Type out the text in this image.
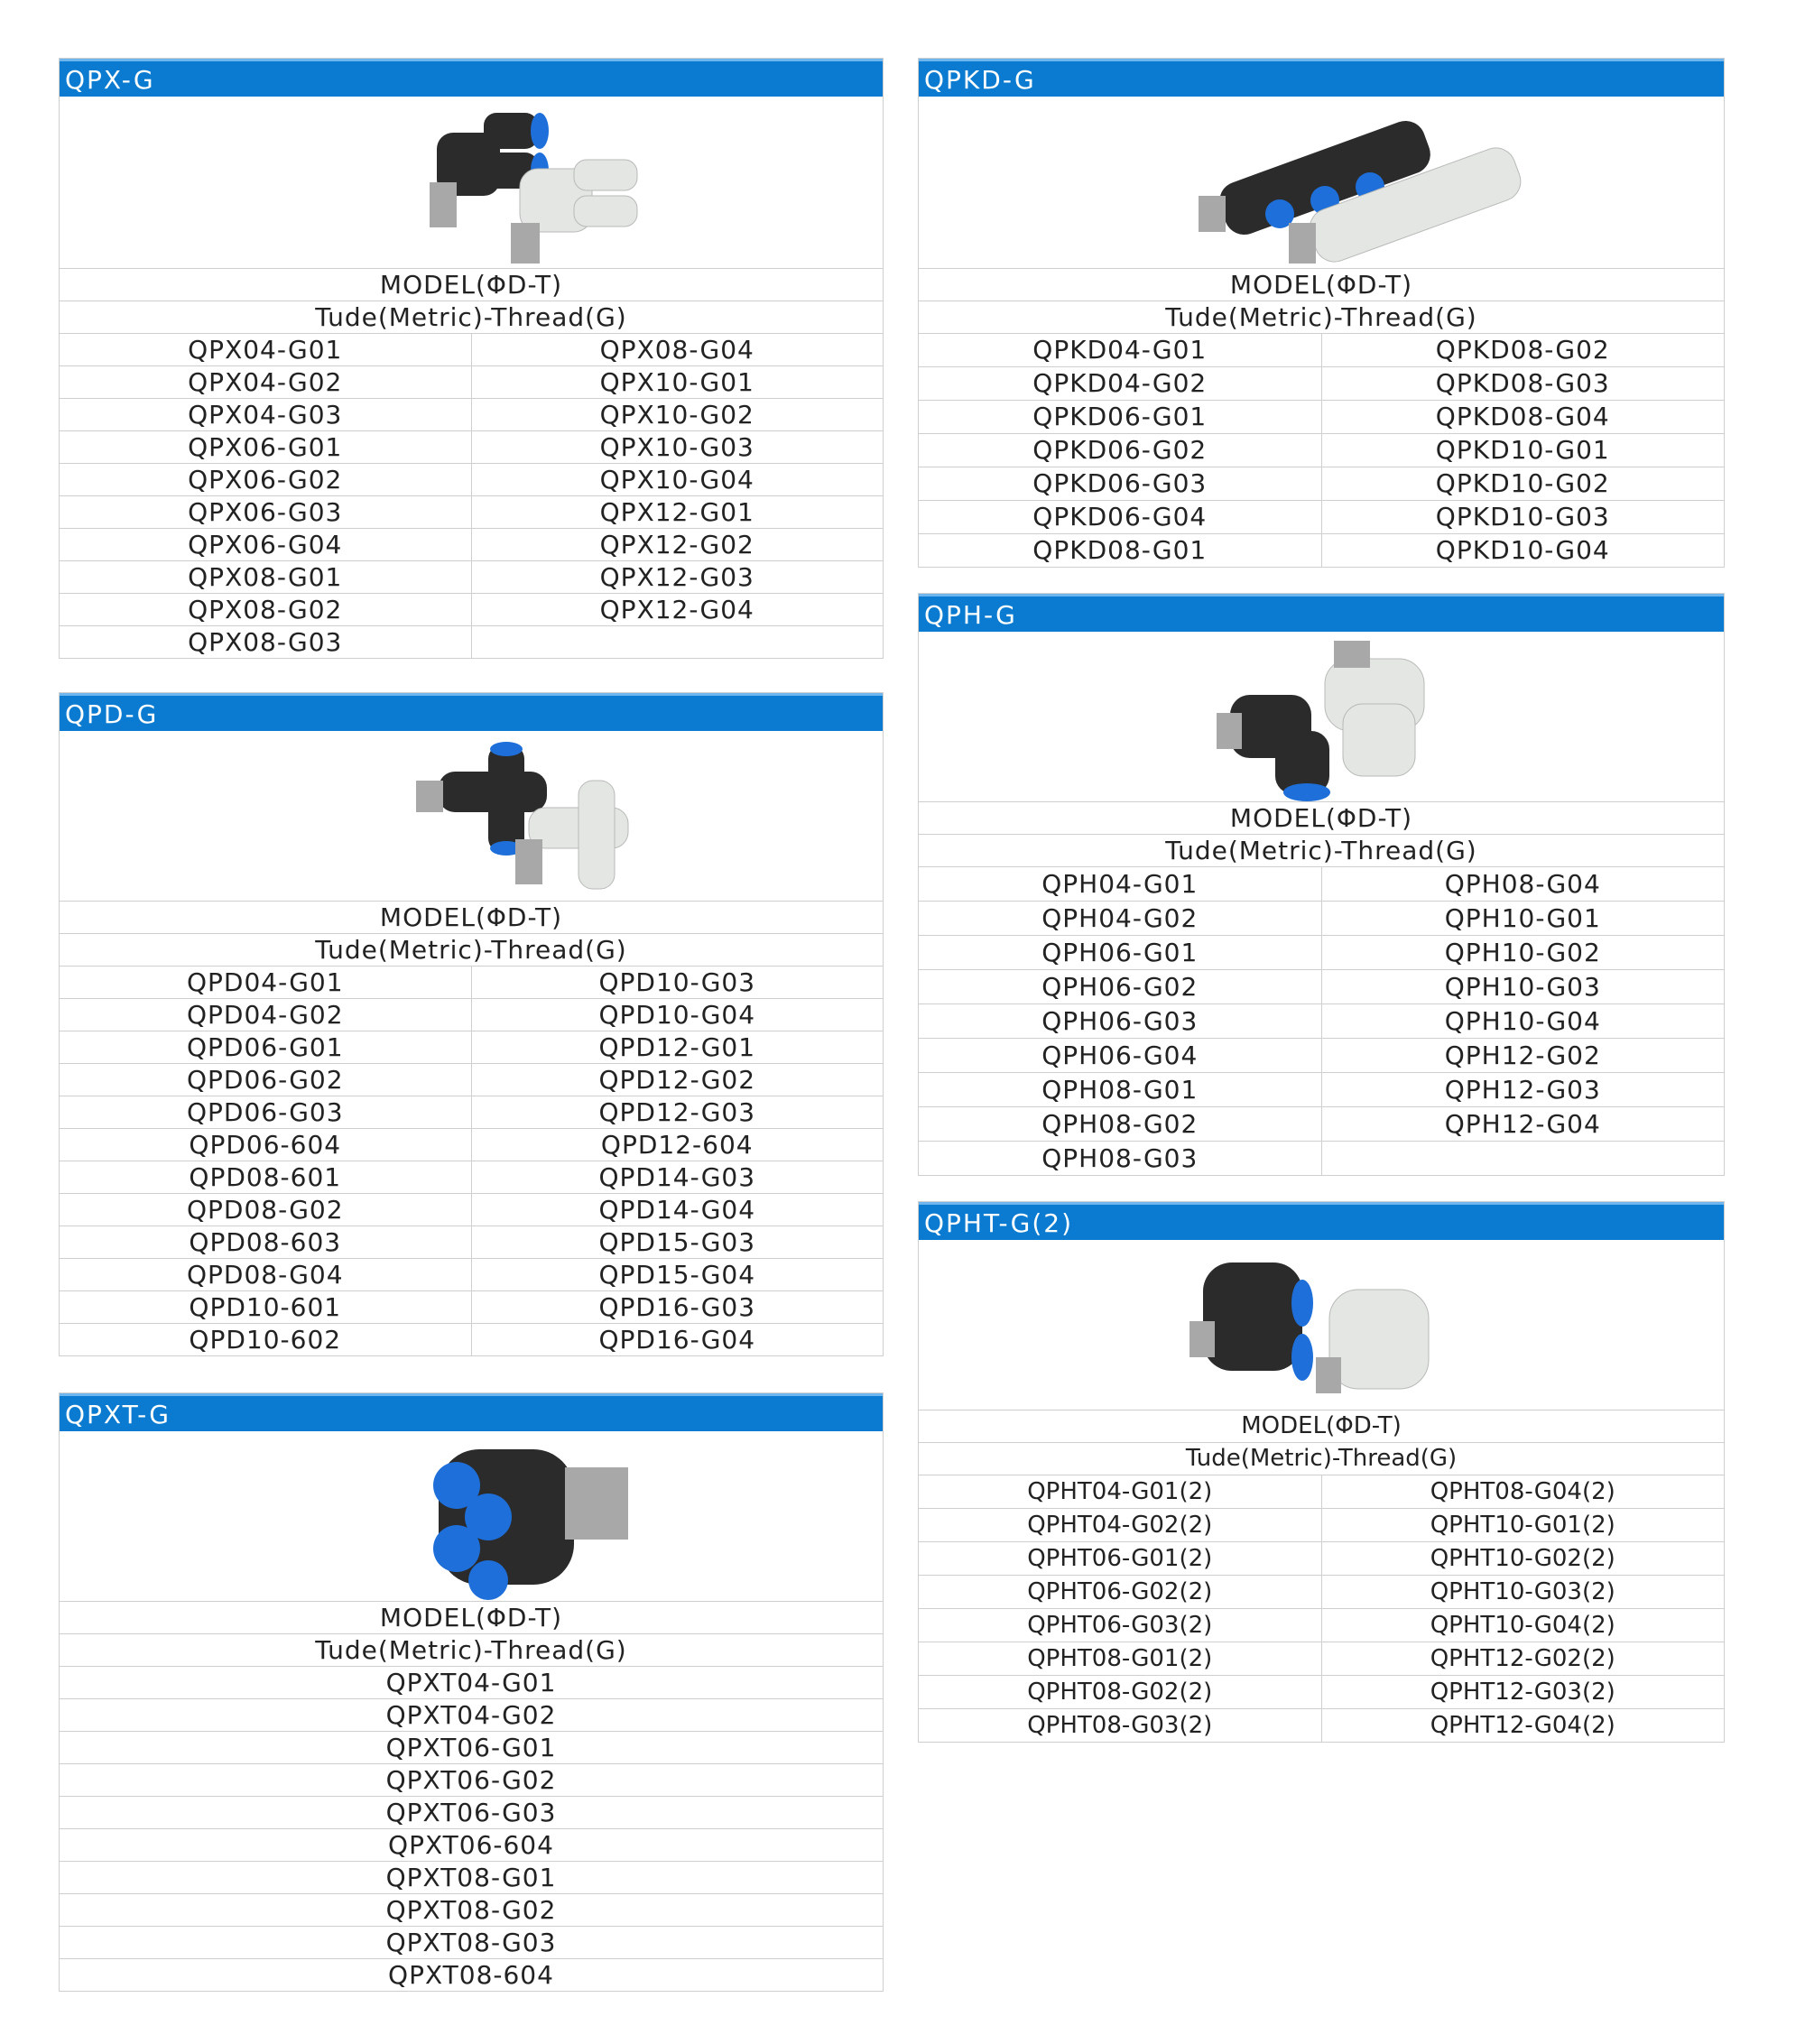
QPX-G
MODEL(ΦD-T)
Tude(Metric)-Thread(G)
QPX04-G01	QPX08-G04
QPX04-G02	QPX10-G01
QPX04-G03	QPX10-G02
QPX06-G01	QPX10-G03
QPX06-G02	QPX10-G04
QPX06-G03	QPX12-G01
QPX06-G04	QPX12-G02
QPX08-G01	QPX12-G03
QPX08-G02	QPX12-G04
QPX08-G03
QPD-G
MODEL(ΦD-T)
Tude(Metric)-Thread(G)
QPD04-G01	QPD10-G03
QPD04-G02	QPD10-G04
QPD06-G01	QPD12-G01
QPD06-G02	QPD12-G02
QPD06-G03	QPD12-G03
QPD06-604	QPD12-604
QPD08-601	QPD14-G03
QPD08-G02	QPD14-G04
QPD08-603	QPD15-G03
QPD08-G04	QPD15-G04
QPD10-601	QPD16-G03
QPD10-602	QPD16-G04
QPXT-G
MODEL(ΦD-T)
Tude(Metric)-Thread(G)
QPXT04-G01
QPXT04-G02
QPXT06-G01
QPXT06-G02
QPXT06-G03
QPXT06-604
QPXT08-G01
QPXT08-G02
QPXT08-G03
QPXT08-604
QPKD-G
MODEL(ΦD-T)
Tude(Metric)-Thread(G)
QPKD04-G01	QPKD08-G02
QPKD04-G02	QPKD08-G03
QPKD06-G01	QPKD08-G04
QPKD06-G02	QPKD10-G01
QPKD06-G03	QPKD10-G02
QPKD06-G04	QPKD10-G03
QPKD08-G01	QPKD10-G04
QPH-G
MODEL(ΦD-T)
Tude(Metric)-Thread(G)
QPH04-G01	QPH08-G04
QPH04-G02	QPH10-G01
QPH06-G01	QPH10-G02
QPH06-G02	QPH10-G03
QPH06-G03	QPH10-G04
QPH06-G04	QPH12-G02
QPH08-G01	QPH12-G03
QPH08-G02	QPH12-G04
QPH08-G03
QPHT-G(2)
MODEL(ΦD-T)
Tude(Metric)-Thread(G)
QPHT04-G01(2)	QPHT08-G04(2)
QPHT04-G02(2)	QPHT10-G01(2)
QPHT06-G01(2)	QPHT10-G02(2)
QPHT06-G02(2)	QPHT10-G03(2)
QPHT06-G03(2)	QPHT10-G04(2)
QPHT08-G01(2)	QPHT12-G02(2)
QPHT08-G02(2)	QPHT12-G03(2)
QPHT08-G03(2)	QPHT12-G04(2)
